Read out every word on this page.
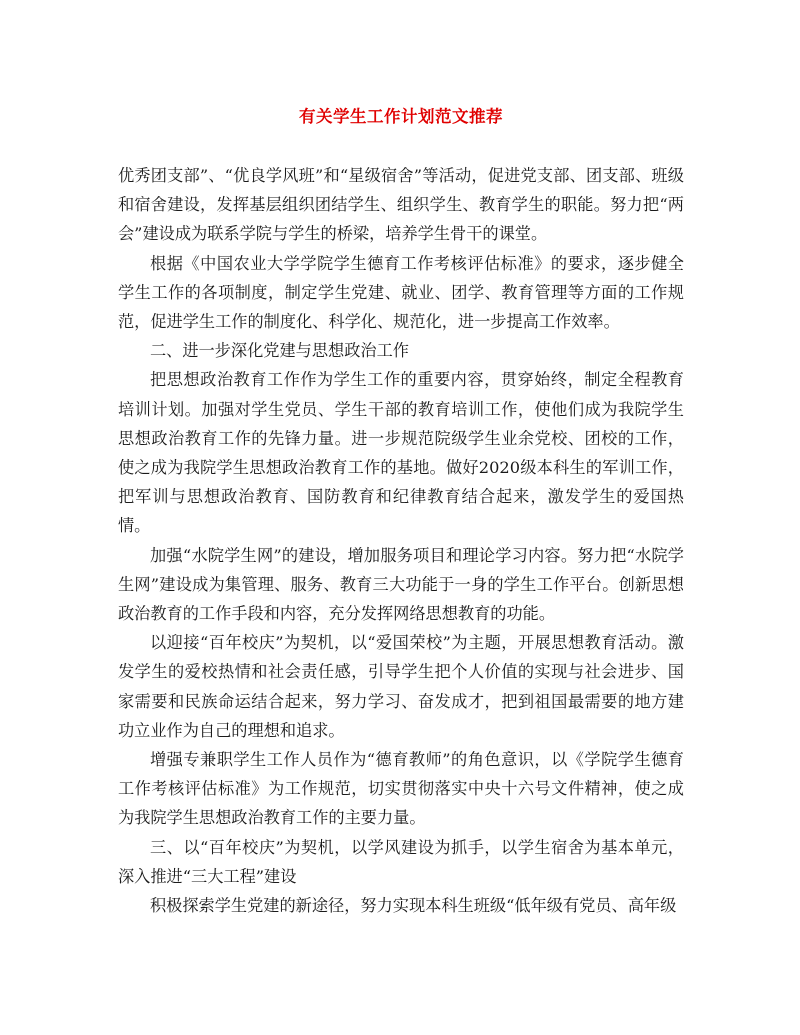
有关学生工作计划范文推荐

优秀团支部”、“优良学风班”和“星级宿舍”等活动，促进党支部、团支部、班级和宿舍建设，发挥基层组织团结学生、组织学生、教育学生的职能。努力把“两会”建设成为联系学院与学生的桥梁，培养学生骨干的课堂。

根据《中国农业大学学院学生德育工作考核评估标准》的要求，逐步健全学生工作的各项制度，制定学生党建、就业、团学、教育管理等方面的工作规范，促进学生工作的制度化、科学化、规范化，进一步提高工作效率。

二、进一步深化党建与思想政治工作

把思想政治教育工作作为学生工作的重要内容，贯穿始终，制定全程教育培训计划。加强对学生党员、学生干部的教育培训工作，使他们成为我院学生思想政治教育工作的先锋力量。进一步规范院级学生业余党校、团校的工作，使之成为我院学生思想政治教育工作的基地。做好2020级本科生的军训工作，把军训与思想政治教育、国防教育和纪律教育结合起来，激发学生的爱国热情。

加强“水院学生网”的建设，增加服务项目和理论学习内容。努力把“水院学生网”建设成为集管理、服务、教育三大功能于一身的学生工作平台。创新思想政治教育的工作手段和内容，充分发挥网络思想教育的功能。

以迎接“百年校庆”为契机，以“爱国荣校”为主题，开展思想教育活动。激发学生的爱校热情和社会责任感，引导学生把个人价值的实现与社会进步、国家需要和民族命运结合起来，努力学习、奋发成才，把到祖国最需要的地方建功立业作为自己的理想和追求。

增强专兼职学生工作人员作为“德育教师”的角色意识，以《学院学生德育工作考核评估标准》为工作规范，切实贯彻落实中央十六号文件精神，使之成为我院学生思想政治教育工作的主要力量。

三、以“百年校庆”为契机，以学风建设为抓手，以学生宿舍为基本单元，深入推进“三大工程”建设

积极探索学生党建的新途径，努力实现本科生班级“低年级有党员、高年级
